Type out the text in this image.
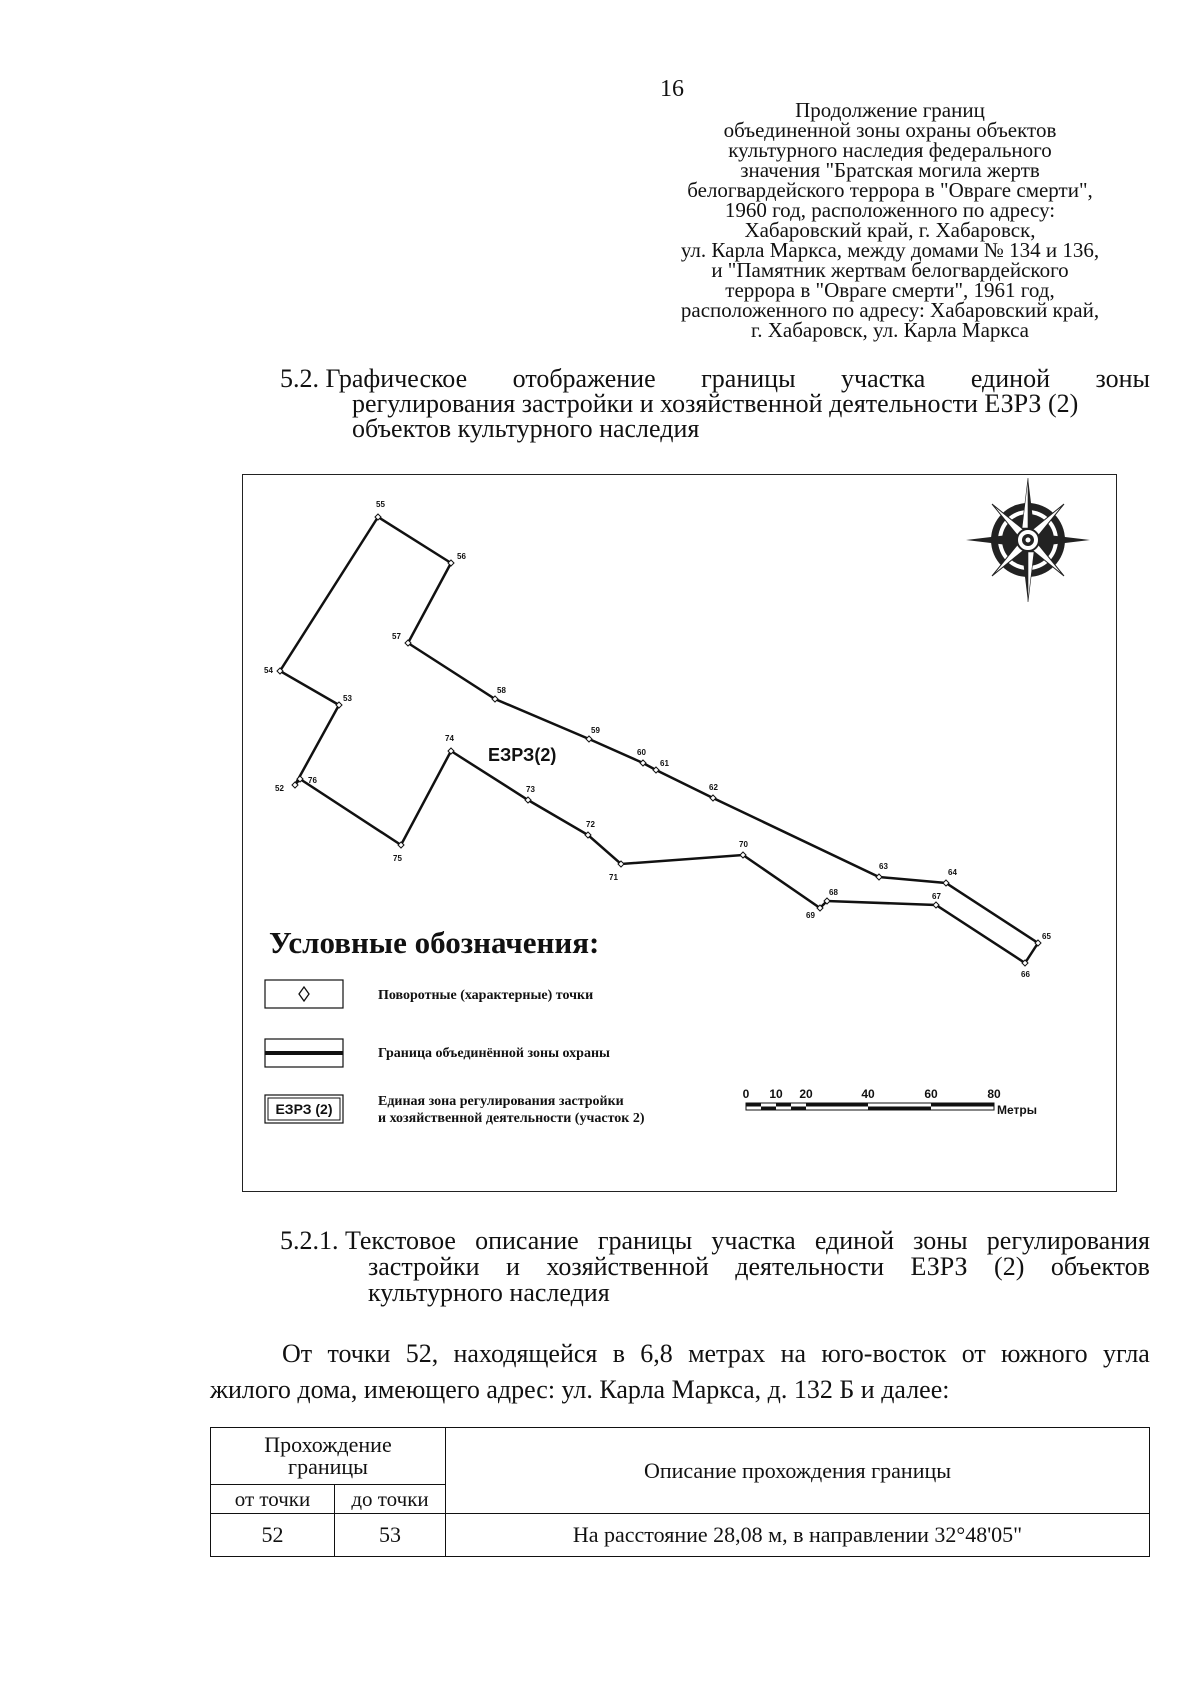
16
Продолжение границ
объединенной зоны охраны объектов
культурного наследия федерального
значения "Братская могила жертв
белогвардейского террора в "Овраге смерти",
1960 год, расположенного по адресу:
Хабаровский край, г. Хабаровск,
ул. Карла Маркса, между домами № 134 и 136,
и "Памятник жертвам белогвардейского
террора в "Овраге смерти", 1961 год,
расположенного по адресу: Хабаровский край,
г. Хабаровск, ул. Карла Маркса
5.2. Графическое отображение границы участка единой зоны
регулирования застройки и хозяйственной деятельности ЕЗРЗ (2)
объектов культурного наследия
55
56
57
58
59
60
61
62
63
64
65
66
67
68
69
70
71
72
73
74
75
76
52
53
54
ЕЗРЗ(2)
Условные обозначения:
Поворотные (характерные) точки
Граница объединённой зоны охраны
ЕЗРЗ (2)	Единая зона регулирования застройки
и хозяйственной деятельности (участок 2)
0 10 20	40	60	80
Метры
5.2.1. Текстовое описание границы участка единой зоны регулирования
застройки и хозяйственной деятельности ЕЗРЗ (2) объектов
культурного наследия
От точки 52, находящейся в 6,8 метрах на юго-восток от южного угла
жилого дома, имеющего адрес: ул. Карла Маркса, д. 132 Б и далее:
Прохождение границы		Описание прохождения границы
от точки	до точки	
52	53	На расстояние 28,08 м, в направлении 32°48'05"
